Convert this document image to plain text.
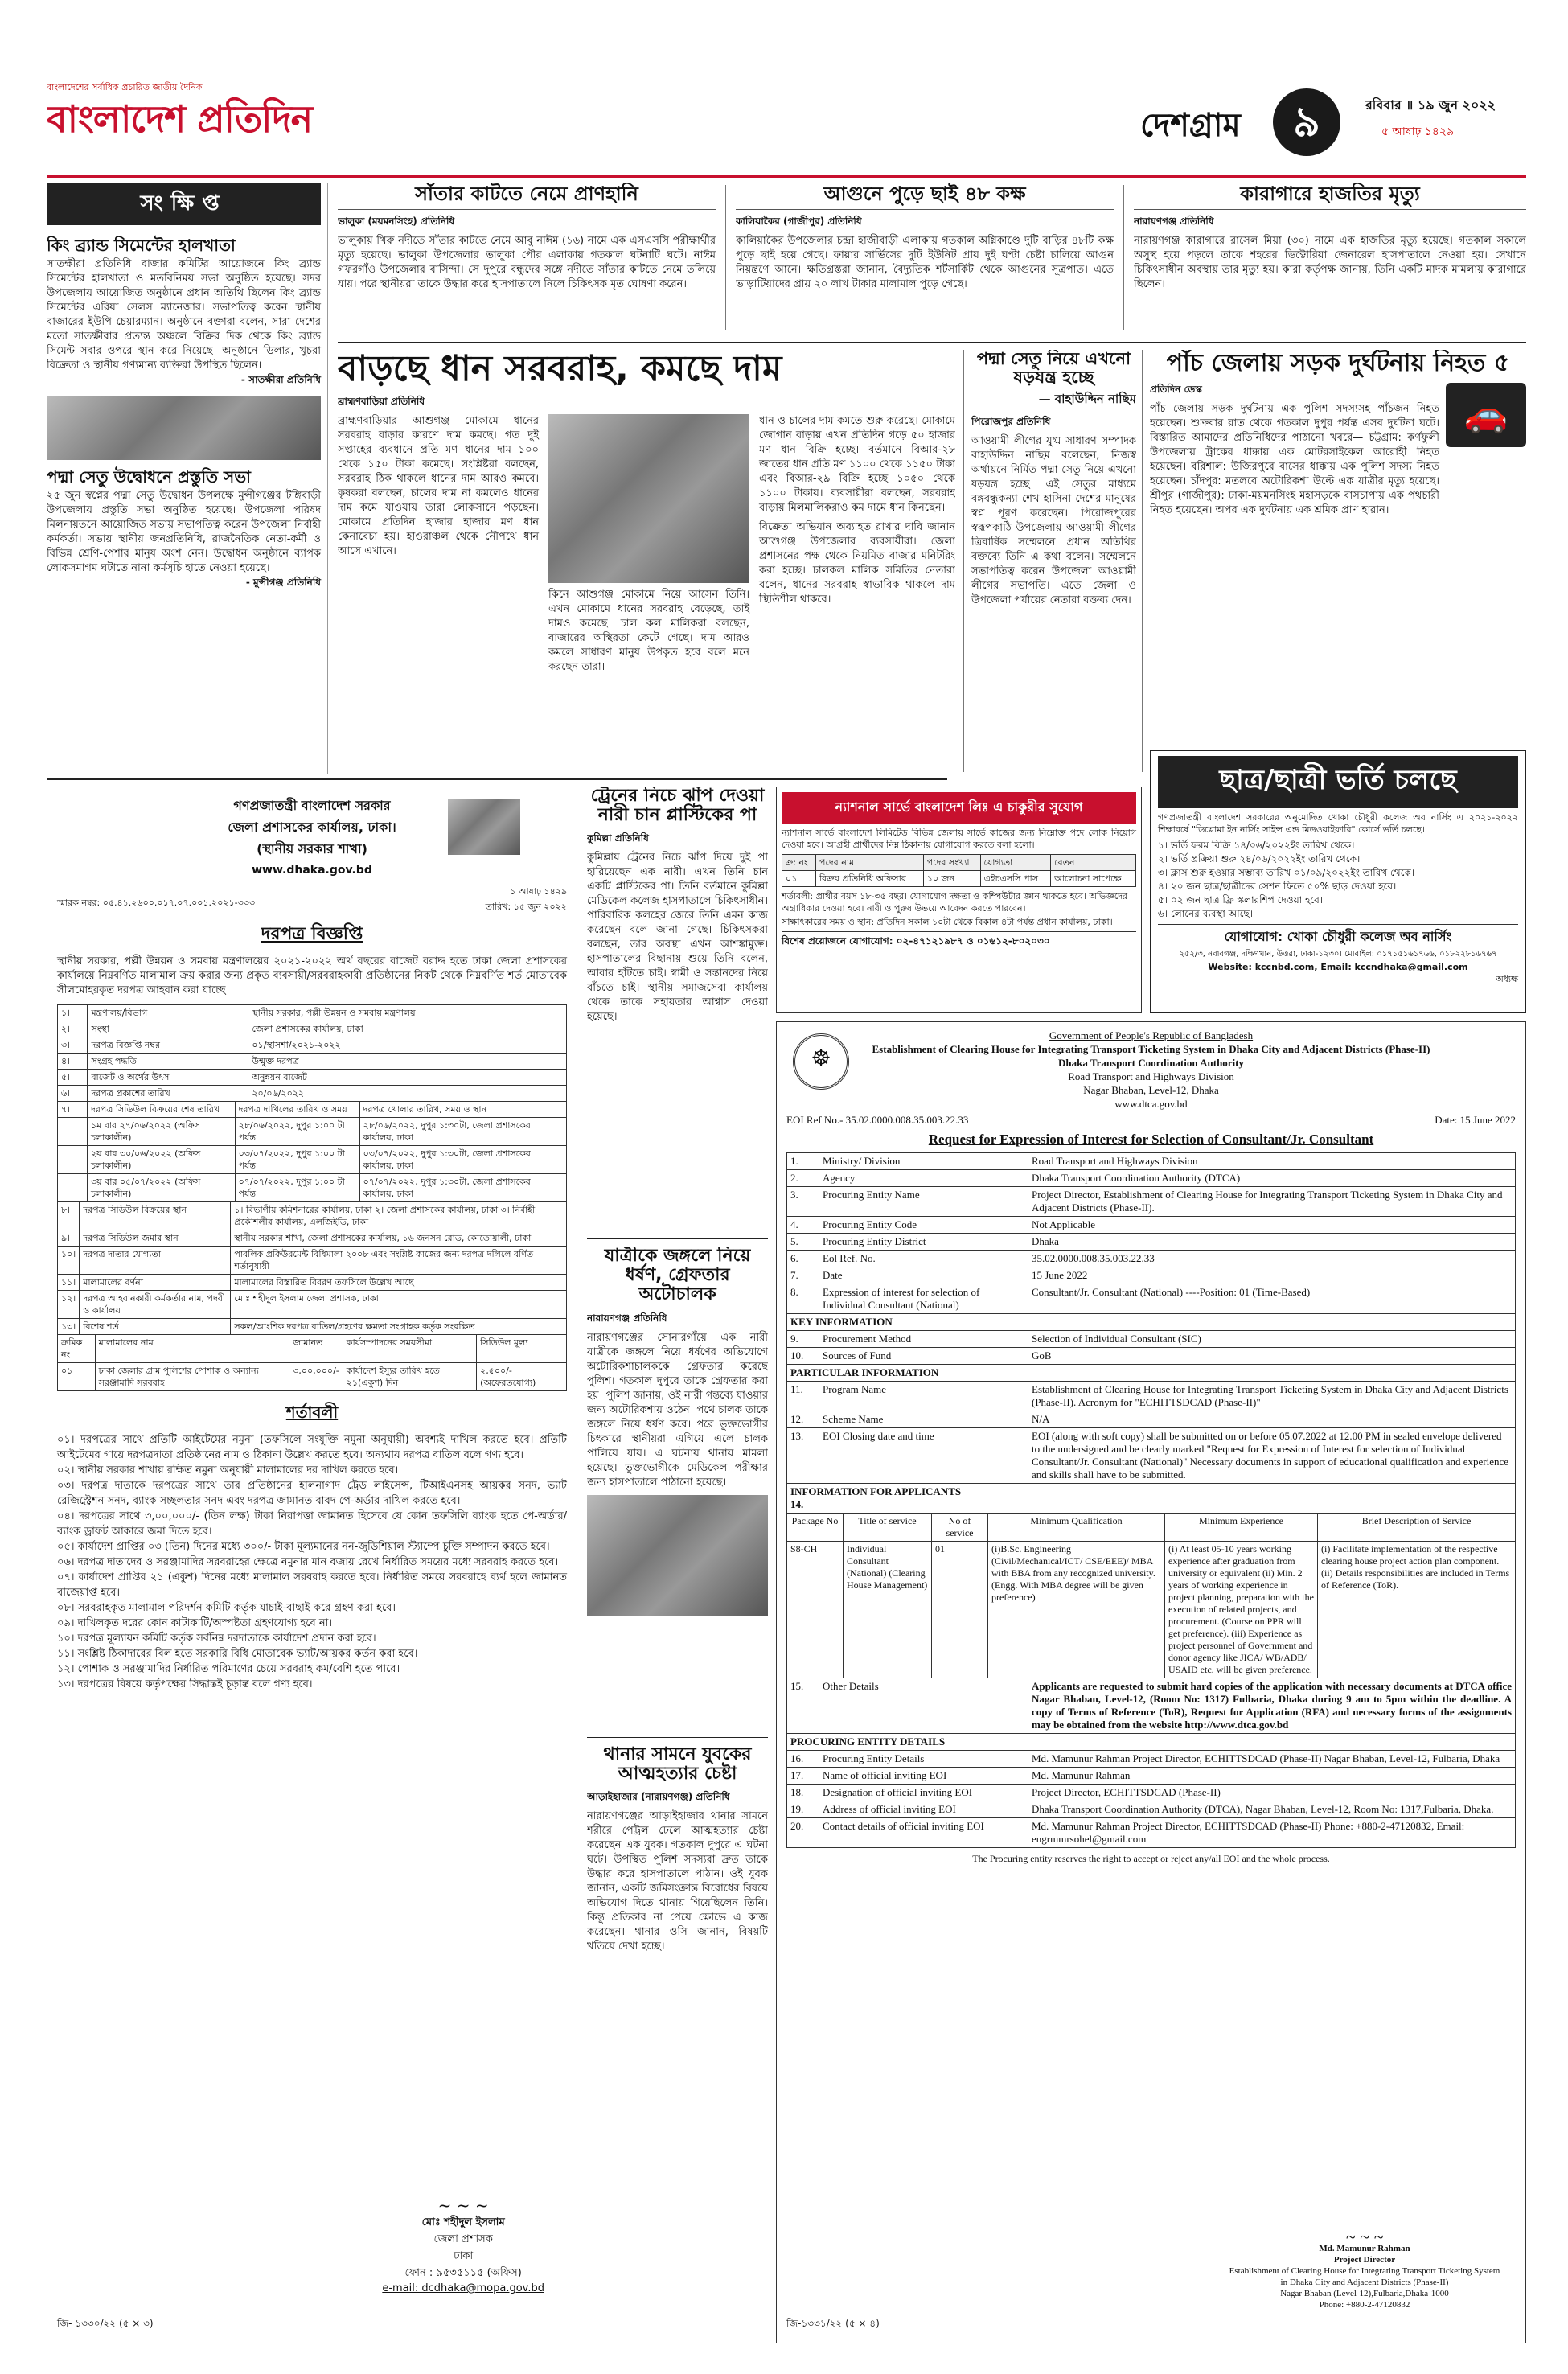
বাংলাদেশের সর্বাধিক প্রচারিত জাতীয় দৈনিক
বাংলাদেশ প্রতিদিন	দেশগ্রাম	৯	রবিবার ॥ ১৯ জুন ২০২২
৫ আষাঢ় ১৪২৯
সংক্ষিপ্ত
কিং ব্র্যান্ড সিমেন্টের হালখাতা
সাতক্ষীরা প্রতিনিধি বাজার কমিটির আয়োজনে কিং ব্র্যান্ড সিমেন্টের হালখাতা ও মতবিনিময় সভা অনুষ্ঠিত হয়েছে। সদর উপজেলায় আয়োজিত অনুষ্ঠানে প্রধান অতিথি ছিলেন কিং ব্র্যান্ড সিমেন্টের এরিয়া সেলস ম্যানেজার। সভাপতিত্ব করেন স্থানীয় বাজারের ইউপি চেয়ারম্যান। অনুষ্ঠানে বক্তারা বলেন, সারা দেশের মতো সাতক্ষীরার প্রত্যন্ত অঞ্চলে বিক্রির দিক থেকে কিং ব্র্যান্ড সিমেন্ট সবার ওপরে স্থান করে নিয়েছে। অনুষ্ঠানে ডিলার, খুচরা বিক্রেতা ও স্থানীয় গণ্যমান্য ব্যক্তিরা উপস্থিত ছিলেন।
- সাতক্ষীরা প্রতিনিধি
পদ্মা সেতু উদ্বোধনে প্রস্তুতি সভা
২৫ জুন স্বপ্নের পদ্মা সেতু উদ্বোধন উপলক্ষে মুন্সীগঞ্জের টঙ্গিবাড়ী উপজেলায় প্রস্তুতি সভা অনুষ্ঠিত হয়েছে। উপজেলা পরিষদ মিলনায়তনে আয়োজিত সভায় সভাপতিত্ব করেন উপজেলা নির্বাহী কর্মকর্তা। সভায় স্থানীয় জনপ্রতিনিধি, রাজনৈতিক নেতা-কর্মী ও বিভিন্ন শ্রেণি-পেশার মানুষ অংশ নেন। উদ্বোধন অনুষ্ঠানে ব্যাপক লোকসমাগম ঘটাতে নানা কর্মসূচি হাতে নেওয়া হয়েছে।
- মুন্সীগঞ্জ প্রতিনিধি
সাঁতার কাটতে নেমে প্রাণহানি
ভালুকা (ময়মনসিংহ) প্রতিনিধি
ভালুকায় খিরু নদীতে সাঁতার কাটতে নেমে আবু নাঈম (১৬) নামে এক এসএসসি পরীক্ষার্থীর মৃত্যু হয়েছে। ভালুকা উপজেলার ভালুকা পৌর এলাকায় গতকাল ঘটনাটি ঘটে। নাঈম গফরগাঁও উপজেলার বাসিন্দা। সে দুপুরে বন্ধুদের সঙ্গে নদীতে সাঁতার কাটতে নেমে তলিয়ে যায়। পরে স্থানীয়রা তাকে উদ্ধার করে হাসপাতালে নিলে চিকিৎসক মৃত ঘোষণা করেন।
আগুনে পুড়ে ছাই ৪৮ কক্ষ
কালিয়াকৈর (গাজীপুর) প্রতিনিধি
কালিয়াকৈর উপজেলার চন্দ্রা হাজীবাড়ী এলাকায় গতকাল অগ্নিকাণ্ডে দুটি বাড়ির ৪৮টি কক্ষ পুড়ে ছাই হয়ে গেছে। ফায়ার সার্ভিসের দুটি ইউনিট প্রায় দুই ঘণ্টা চেষ্টা চালিয়ে আগুন নিয়ন্ত্রণে আনে। ক্ষতিগ্রস্তরা জানান, বৈদ্যুতিক শর্টসার্কিট থেকে আগুনের সূত্রপাত। এতে ভাড়াটিয়াদের প্রায় ২০ লাখ টাকার মালামাল পুড়ে গেছে।
কারাগারে হাজতির মৃত্যু
নারায়ণগঞ্জ প্রতিনিধি
নারায়ণগঞ্জ কারাগারে রাসেল মিয়া (৩০) নামে এক হাজতির মৃত্যু হয়েছে। গতকাল সকালে অসুস্থ হয়ে পড়লে তাকে শহরের ভিক্টোরিয়া জেনারেল হাসপাতালে নেওয়া হয়। সেখানে চিকিৎসাধীন অবস্থায় তার মৃত্যু হয়। কারা কর্তৃপক্ষ জানায়, তিনি একটি মাদক মামলায় কারাগারে ছিলেন।
বাড়ছে ধান সরবরাহ, কমছে দাম
ব্রাহ্মণবাড়িয়া প্রতিনিধি
ব্রাহ্মণবাড়িয়ার আশুগঞ্জ মোকামে ধানের সরবরাহ বাড়ার কারণে দাম কমছে। গত দুই সপ্তাহের ব্যবধানে প্রতি মণ ধানের দাম ১০০ থেকে ১৫০ টাকা কমেছে। সংশ্লিষ্টরা বলছেন, সরবরাহ ঠিক থাকলে ধানের দাম আরও কমবে। কৃষকরা বলছেন, চালের দাম না কমলেও ধানের দাম কমে যাওয়ায় তারা লোকসানে পড়ছেন। মোকামে প্রতিদিন হাজার হাজার মণ ধান কেনাবেচা হয়। হাওরাঞ্চল থেকে নৌপথে ধান আসে এখানে।
কিনে আশুগঞ্জ মোকামে নিয়ে আসেন তিনি। এখন মোকামে ধানের সরবরাহ বেড়েছে, তাই দামও কমেছে। চাল কল মালিকরা বলছেন, বাজারের অস্থিরতা কেটে গেছে। দাম আরও কমলে সাধারণ মানুষ উপকৃত হবে বলে মনে করছেন তারা।
ধান ও চালের দাম কমতে শুরু করেছে। মোকামে জোগান বাড়ায় এখন প্রতিদিন গড়ে ৫০ হাজার মণ ধান বিক্রি হচ্ছে। বর্তমানে বিআর-২৮ জাতের ধান প্রতি মণ ১১০০ থেকে ১১৫০ টাকা এবং বিআর-২৯ বিক্রি হচ্ছে ১০৫০ থেকে ১১০০ টাকায়। ব্যবসায়ীরা বলছেন, সরবরাহ বাড়ায় মিলমালিকরাও কম দামে ধান কিনছেন।
বিক্রেতা অভিযান অব্যাহত রাখার দাবি জানান আশুগঞ্জ উপজেলার ব্যবসায়ীরা। জেলা প্রশাসনের পক্ষ থেকে নিয়মিত বাজার মনিটরিং করা হচ্ছে। চালকল মালিক সমিতির নেতারা বলেন, ধানের সরবরাহ স্বাভাবিক থাকলে দাম স্থিতিশীল থাকবে।
পদ্মা সেতু নিয়ে এখনো ষড়যন্ত্র হচ্ছে
— বাহাউদ্দিন নাছিম
পিরোজপুর প্রতিনিধি
আওয়ামী লীগের যুগ্ম সাধারণ সম্পাদক বাহাউদ্দিন নাছিম বলেছেন, নিজস্ব অর্থায়নে নির্মিত পদ্মা সেতু নিয়ে এখনো ষড়যন্ত্র হচ্ছে। এই সেতুর মাধ্যমে বঙ্গবন্ধুকন্যা শেখ হাসিনা দেশের মানুষের স্বপ্ন পূরণ করেছেন। পিরোজপুরের স্বরূপকাঠি উপজেলায় আওয়ামী লীগের ত্রিবার্ষিক সম্মেলনে প্রধান অতিথির বক্তব্যে তিনি এ কথা বলেন। সম্মেলনে সভাপতিত্ব করেন উপজেলা আওয়ামী লীগের সভাপতি। এতে জেলা ও উপজেলা পর্যায়ের নেতারা বক্তব্য দেন।
পাঁচ জেলায় সড়ক দুর্ঘটনায় নিহত ৫
প্রতিদিন ডেস্ক
পাঁচ জেলায় সড়ক দুর্ঘটনায় এক পুলিশ সদস্যসহ পাঁচজন নিহত হয়েছেন। শুক্রবার রাত থেকে গতকাল দুপুর পর্যন্ত এসব দুর্ঘটনা ঘটে। বিস্তারিত আমাদের প্রতিনিধিদের পাঠানো খবরে— চট্টগ্রাম: কর্ণফুলী উপজেলায় ট্রাকের ধাক্কায় এক মোটরসাইকেল আরোহী নিহত হয়েছেন। বরিশাল: উজিরপুরে বাসের ধাক্কায় এক পুলিশ সদস্য নিহত হয়েছেন। চাঁদপুর: মতলবে অটোরিকশা উল্টে এক যাত্রীর মৃত্যু হয়েছে। শ্রীপুর (গাজীপুর): ঢাকা-ময়মনসিংহ মহাসড়কে বাসচাপায় এক পথচারী নিহত হয়েছেন। অপর এক দুর্ঘটনায় এক শ্রমিক প্রাণ হারান।
🚗
গণপ্রজাতন্ত্রী বাংলাদেশ সরকার
জেলা প্রশাসকের কার্যালয়, ঢাকা।
(স্থানীয় সরকার শাখা)
www.dhaka.gov.bd
স্মারক নম্বর: ০৫.৪১.২৬০০.০১৭.০৭.০০১.২০২১-৩৩৩
১ আষাঢ় ১৪২৯
তারিখ: ১৫ জুন ২০২২
দরপত্র বিজ্ঞপ্তি
স্থানীয় সরকার, পল্লী উন্নয়ন ও সমবায় মন্ত্রণালয়ের ২০২১-২০২২ অর্থ বছরের বাজেট বরাদ্দ হতে ঢাকা জেলা প্রশাসকের কার্যালয়ে নিম্নবর্ণিত মালামাল ক্রয় করার জন্য প্রকৃত ব্যবসায়ী/সরবরাহকারী প্রতিষ্ঠানের নিকট থেকে নিম্নবর্ণিত শর্ত মোতাবেক সীলমোহরকৃত দরপত্র আহবান করা যাচ্ছে।
১।	মন্ত্রণালয়/বিভাগ	স্থানীয় সরকার, পল্লী উন্নয়ন ও সমবায় মন্ত্রণালয়
২।	সংস্থা	জেলা প্রশাসকের কার্যালয়, ঢাকা
৩।	দরপত্র বিজ্ঞপ্তি নম্বর	০১/স্থাসশা/২০২১-২০২২
৪।	সংগ্রহ পদ্ধতি	উন্মুক্ত দরপত্র
৫।	বাজেট ও অর্থের উৎস	অনুন্নয়ন বাজেট
৬।	দরপত্র প্রকাশের তারিখ	২০/০৬/২০২২
৭।	দরপত্র সিডিউল বিক্রয়ের শেষ তারিখ	দরপত্র দাখিলের তারিখ ও সময়	দরপত্র খোলার তারিখ, সময় ও স্থান
	১ম বার ২৭/০৬/২০২২ (অফিস চলাকালীন)	২৮/০৬/২০২২, দুপুর ১:০০ টা পর্যন্ত	২৮/০৬/২০২২, দুপুর ১:৩০টা, জেলা প্রশাসকের কার্যালয়, ঢাকা
	২য় বার ৩০/০৬/২০২২ (অফিস চলাকালীন)	০৩/০৭/২০২২, দুপুর ১:০০ টা পর্যন্ত	০৩/০৭/২০২২, দুপুর ১:৩০টা, জেলা প্রশাসকের কার্যালয়, ঢাকা
	৩য় বার ০৫/০৭/২০২২ (অফিস চলাকালীন)	০৭/০৭/২০২২, দুপুর ১:০০ টা পর্যন্ত	০৭/০৭/২০২২, দুপুর ১:৩০টা, জেলা প্রশাসকের কার্যালয়, ঢাকা
৮।	দরপত্র সিডিউল বিক্রয়ের স্থান	১। বিভাগীয় কমিশনারের কার্যালয়, ঢাকা ২। জেলা প্রশাসকের কার্যালয়, ঢাকা ৩। নির্বাহী প্রকৌশলীর কার্যালয়, এলজিইডি, ঢাকা
৯।	দরপত্র সিডিউল জমার স্থান	স্থানীয় সরকার শাখা, জেলা প্রশাসকের কার্যালয়, ১৬ জনসন রোড, কোতোয়ালী, ঢাকা
১০।	দরপত্র দাতার যোগ্যতা	পাবলিক প্রকিউরমেন্ট বিধিমালা ২০০৮ এবং সংশ্লিষ্ট কাজের জন্য দরপত্র দলিলে বর্ণিত শর্তানুযায়ী
১১।	মালামালের বর্ণনা	মালামালের বিস্তারিত বিবরণ তফসিলে উল্লেখ আছে
১২।	দরপত্র আহবানকারী কর্মকর্তার নাম, পদবী ও কার্যালয়	মোঃ শহীদুল ইসলাম জেলা প্রশাসক, ঢাকা
১৩।	বিশেষ শর্ত	সকল/আংশিক দরপত্র বাতিল/গ্রহণের ক্ষমতা সংগ্রাহক কর্তৃক সংরক্ষিত
ক্রমিক নং	মালামালের নাম	জামানত	কার্যসম্পাদনের সময়সীমা	সিডিউল মূল্য
০১	ঢাকা জেলার গ্রাম পুলিশের পোশাক ও অন্যান্য সরঞ্জামাদি সরবরাহ	৩,০০,০০০/-	কার্যাদেশ ইস্যুর তারিখ হতে ২১(একুশ) দিন	২,৫০০/- (অফেরতযোগ্য)
শর্তাবলী
০১। দরপত্রের সাথে প্রতিটি আইটেমের নমুনা (তফসিলে সংযুক্তি নমুনা অনুযায়ী) অবশ্যই দাখিল করতে হবে। প্রতিটি আইটেমের গায়ে দরপত্রদাতা প্রতিষ্ঠানের নাম ও ঠিকানা উল্লেখ করতে হবে। অন্যথায় দরপত্র বাতিল বলে গণ্য হবে।
০২। স্থানীয় সরকার শাখায় রক্ষিত নমুনা অনুযায়ী মালামালের দর দাখিল করতে হবে।
০৩। দরপত্র দাতাকে দরপত্রের সাথে তার প্রতিষ্ঠানের হালনাগাদ ট্রেড লাইসেন্স, টিআইএনসহ আয়কর সনদ, ভ্যাট রেজিস্ট্রেশন সনদ, ব্যাংক সচ্ছলতার সনদ এবং দরপত্র জামানত বাবদ পে-অর্ডার দাখিল করতে হবে।
০৪। দরপত্রের সাথে ৩,০০,০০০/- (তিন লক্ষ) টাকা নিরাপত্তা জামানত হিসেবে যে কোন তফসিলি ব্যাংক হতে পে-অর্ডার/ব্যাংক ড্রাফট আকারে জমা দিতে হবে।
০৫। কার্যাদেশ প্রাপ্তির ০৩ (তিন) দিনের মধ্যে ৩০০/- টাকা মূল্যমানের নন-জুডিশিয়াল স্ট্যাম্পে চুক্তি সম্পাদন করতে হবে।
০৬। দরপত্র দাতাদের ও সরঞ্জামাদির সরবরাহের ক্ষেত্রে নমুনার মান বজায় রেখে নির্ধারিত সময়ের মধ্যে সরবরাহ করতে হবে।
০৭। কার্যাদেশ প্রাপ্তির ২১ (একুশ) দিনের মধ্যে মালামাল সরবরাহ করতে হবে। নির্ধারিত সময়ে সরবরাহে ব্যর্থ হলে জামানত বাজেয়াপ্ত হবে।
০৮। সরবরাহকৃত মালামাল পরিদর্শন কমিটি কর্তৃক যাচাই-বাছাই করে গ্রহণ করা হবে।
০৯। দাখিলকৃত দরের কোন কাটাকাটি/অস্পষ্টতা গ্রহণযোগ্য হবে না।
১০। দরপত্র মূল্যায়ন কমিটি কর্তৃক সর্বনিম্ন দরদাতাকে কার্যাদেশ প্রদান করা হবে।
১১। সংশ্লিষ্ট ঠিকাদারের বিল হতে সরকারি বিধি মোতাবেক ভ্যাট/আয়কর কর্তন করা হবে।
১২। পোশাক ও সরঞ্জামাদির নির্ধারিত পরিমাণের চেয়ে সরবরাহ কম/বেশি হতে পারে।
১৩। দরপত্রের বিষয়ে কর্তৃপক্ষের সিদ্ধান্তই চূড়ান্ত বলে গণ্য হবে।
~ ~ ~
মোঃ শহীদুল ইসলাম
জেলা প্রশাসক
ঢাকা
ফোন : ৯৫৩৫১১৫ (অফিস)
e-mail: dcdhaka@mopa.gov.bd
জি- ১৩৩০/২২ (৫ × ৩)
ট্রেনের নিচে ঝাঁপ দেওয়া নারী চান প্লাস্টিকের পা
কুমিল্লা প্রতিনিধি
কুমিল্লায় ট্রেনের নিচে ঝাঁপ দিয়ে দুই পা হারিয়েছেন এক নারী। এখন তিনি চান একটি প্লাস্টিকের পা। তিনি বর্তমানে কুমিল্লা মেডিকেল কলেজ হাসপাতালে চিকিৎসাধীন। পারিবারিক কলহের জেরে তিনি এমন কাজ করেছেন বলে জানা গেছে। চিকিৎসকরা বলছেন, তার অবস্থা এখন আশঙ্কামুক্ত। হাসপাতালের বিছানায় শুয়ে তিনি বলেন, আবার হাঁটতে চাই। স্বামী ও সন্তানদের নিয়ে বাঁচতে চাই। স্থানীয় সমাজসেবা কার্যালয় থেকে তাকে সহায়তার আশ্বাস দেওয়া হয়েছে।
যাত্রীকে জঙ্গলে নিয়ে ধর্ষণ, গ্রেফতার অটোচালক
নারায়ণগঞ্জ প্রতিনিধি
নারায়ণগঞ্জের সোনারগাঁয়ে এক নারী যাত্রীকে জঙ্গলে নিয়ে ধর্ষণের অভিযোগে অটোরিকশাচালককে গ্রেফতার করেছে পুলিশ। গতকাল দুপুরে তাকে গ্রেফতার করা হয়। পুলিশ জানায়, ওই নারী গন্তব্যে যাওয়ার জন্য অটোরিকশায় ওঠেন। পথে চালক তাকে জঙ্গলে নিয়ে ধর্ষণ করে। পরে ভুক্তভোগীর চিৎকারে স্থানীয়রা এগিয়ে এলে চালক পালিয়ে যায়। এ ঘটনায় থানায় মামলা হয়েছে। ভুক্তভোগীকে মেডিকেল পরীক্ষার জন্য হাসপাতালে পাঠানো হয়েছে।
থানার সামনে যুবকের আত্মহত্যার চেষ্টা
আড়াইহাজার (নারায়ণগঞ্জ) প্রতিনিধি
নারায়ণগঞ্জের আড়াইহাজার থানার সামনে শরীরে পেট্রল ঢেলে আত্মহত্যার চেষ্টা করেছেন এক যুবক। গতকাল দুপুরে এ ঘটনা ঘটে। উপস্থিত পুলিশ সদস্যরা দ্রুত তাকে উদ্ধার করে হাসপাতালে পাঠান। ওই যুবক জানান, একটি জমিসংক্রান্ত বিরোধের বিষয়ে অভিযোগ দিতে থানায় গিয়েছিলেন তিনি। কিন্তু প্রতিকার না পেয়ে ক্ষোভে এ কাজ করেছেন। থানার ওসি জানান, বিষয়টি খতিয়ে দেখা হচ্ছে।
ন্যাশনাল সার্ভে বাংলাদেশ লিঃ এ চাকুরীর সুযোগ
ন্যাশনাল সার্ভে বাংলাদেশ লিমিটেড বিভিন্ন জেলায় সার্ভে কাজের জন্য নিম্নোক্ত পদে লোক নিয়োগ দেওয়া হবে। আগ্রহী প্রার্থীদের নিম্ন ঠিকানায় যোগাযোগ করতে বলা হলো।
ক্র: নং	পদের নাম	পদের সংখ্যা	যোগ্যতা	বেতন
০১	বিক্রয় প্রতিনিধি অফিসার	১০ জন	এইচএসসি পাস	আলোচনা সাপেক্ষে
শর্তাবলী: প্রার্থীর বয়স ১৮-৩৫ বছর। যোগাযোগ দক্ষতা ও কম্পিউটার জ্ঞান থাকতে হবে। অভিজ্ঞদের অগ্রাধিকার দেওয়া হবে। নারী ও পুরুষ উভয়ে আবেদন করতে পারবেন।
সাক্ষাৎকারের সময় ও স্থান: প্রতিদিন সকাল ১০টা থেকে বিকাল ৪টা পর্যন্ত প্রধান কার্যালয়, ঢাকা।
বিশেষ প্রয়োজনে যোগাযোগ: ০২-৪৭১২১৯৮৭ ও ০১৬১২-৮০২০৩০
ছাত্র/ছাত্রী ভর্তি চলছে
গণপ্রজাতন্ত্রী বাংলাদেশ সরকারের অনুমোদিত খোকা চৌধুরী কলেজ অব নার্সিং এ ২০২১-২০২২ শিক্ষাবর্ষে "ডিপ্লোমা ইন নার্সিং সাইন্স এন্ড মিডওয়াইফারি" কোর্সে ভর্তি চলছে।
১। ভর্তি ফরম বিক্রি ১৪/০৬/২০২২ইং তারিখ থেকে।
২। ভর্তি প্রক্রিয়া শুরু ২৪/০৬/২০২২ইং তারিখ থেকে।
৩। ক্লাস শুরু হওয়ার সম্ভাব্য তারিখ ০১/০৯/২০২২ইং তারিখ থেকে।
৪। ২০ জন ছাত্র/ছাত্রীদের সেশন ফিতে ৫০% ছাড় দেওয়া হবে।
৫। ০২ জন ছাত্র ফ্রি স্কলারশিপ দেওয়া হবে।
৬। লোনের ব্যবস্থা আছে।
যোগাযোগ: খোকা চৌধুরী কলেজ অব নার্সিং
২৫২/৩, নবাবগঞ্জ, দক্ষিণখান, উত্তরা, ঢাকা-১২৩০। মোবাইল: ০১৭১৫১৬১৭৬৬, ০১৮২২৮১৬৭৬৭
Website: kccnbd.com, Email: kccndhaka@gmail.com
অধ্যক্ষ
☸
Government of People's Republic of Bangladesh
Establishment of Clearing House for Integrating Transport Ticketing System in Dhaka City and Adjacent Districts (Phase-II)
Dhaka Transport Coordination Authority
Road Transport and Highways Division
Nagar Bhaban, Level-12, Dhaka
www.dtca.gov.bd
EOI Ref No.- 35.02.0000.008.35.003.22.33	Date: 15 June 2022
Request for Expression of Interest for Selection of Consultant/Jr. Consultant
1.	Ministry/ Division	Road Transport and Highways Division
2.	Agency	Dhaka Transport Coordination Authority (DTCA)
3.	Procuring Entity Name	Project Director, Establishment of Clearing House for Integrating Transport Ticketing System in Dhaka City and Adjacent Districts (Phase-II).
4.	Procuring Entity Code	Not Applicable
5.	Procuring Entity District	Dhaka
6.	Eol Ref. No.	35.02.0000.008.35.003.22.33
7.	Date	15 June 2022
8.	Expression of interest for selection of Individual Consultant (National)	Consultant/Jr. Consultant (National) ----Position: 01 (Time-Based)
KEY INFORMATION		
9.	Procurement Method	Selection of Individual Consultant (SIC)
10.	Sources of Fund	GoB
PARTICULAR INFORMATION		
11.	Program Name	Establishment of Clearing House for Integrating Transport Ticketing System in Dhaka City and Adjacent Districts (Phase-II). Acronym for "ECHITTSDCAD (Phase-II)"
12.	Scheme Name	N/A
13.	EOI Closing date and time	EOI (along with soft copy) shall be submitted on or before 05.07.2022 at 12.00 PM in sealed envelope delivered to the undersigned and be clearly marked "Request for Expression of Interest for selection of Individual Consultant/Jr. Consultant (National)" Necessary documents in support of educational qualification and experience and skills shall have to be submitted.
INFORMATION FOR APPLICANTS
14.		
Package No	Title of service	No of service	Minimum Qualification	Minimum Experience	Brief Description of Service
S8-CH	Individual Consultant (National) (Clearing House Management)	01	(i)B.Sc. Engineering (Civil/Mechanical/ICT/ CSE/EEE)/ MBA with BBA from any recognized university. (Engg. With MBA degree will be given preference)	(i) At least 05-10 years working experience after graduation from university or equivalent (ii) Min. 2 years of working experience in project planning, preparation with the execution of related projects, and procurement. (Course on PPR will get preference). (iii) Experience as project personnel of Government and donor agency like JICA/ WB/ADB/ USAID etc. will be given preference.	(i) Facilitate implementation of the respective clearing house project action plan component. (ii) Details responsibilities are included in Terms of Reference (ToR).
15.	Other Details	Applicants are requested to submit hard copies of the application with necessary documents at DTCA office Nagar Bhaban, Level-12, (Room No: 1317) Fulbaria, Dhaka during 9 am to 5pm within the deadline. A copy of Terms of Reference (ToR), Request for Application (RFA) and necessary forms of the assignments may be obtained from the website http://www.dtca.gov.bd
PROCURING ENTITY DETAILS		
16.	Procuring Entity Details	Md. Mamunur Rahman Project Director, ECHITTSDCAD (Phase-II) Nagar Bhaban, Level-12, Fulbaria, Dhaka
17.	Name of official inviting EOI	Md. Mamunur Rahman
18.	Designation of official inviting EOI	Project Director, ECHITTSDCAD (Phase-II)
19.	Address of official inviting EOI	Dhaka Transport Coordination Authority (DTCA), Nagar Bhaban, Level-12, Room No: 1317,Fulbaria, Dhaka.
20.	Contact details of official inviting EOI	Md. Mamunur Rahman Project Director, ECHITTSDCAD (Phase-II) Phone: +880-2-47120832, Email: engrmmrsohel@gmail.com
The Procuring entity reserves the right to accept or reject any/all EOI and the whole process.
~ ~ ~
Md. Mamunur Rahman
Project Director
Establishment of Clearing House for Integrating Transport Ticketing System in Dhaka City and Adjacent Districts (Phase-II)
Nagar Bhaban (Level-12),Fulbaria,Dhaka-1000
Phone: +880-2-47120832
জি-১৩৩১/২২ (৫ × ৪)
